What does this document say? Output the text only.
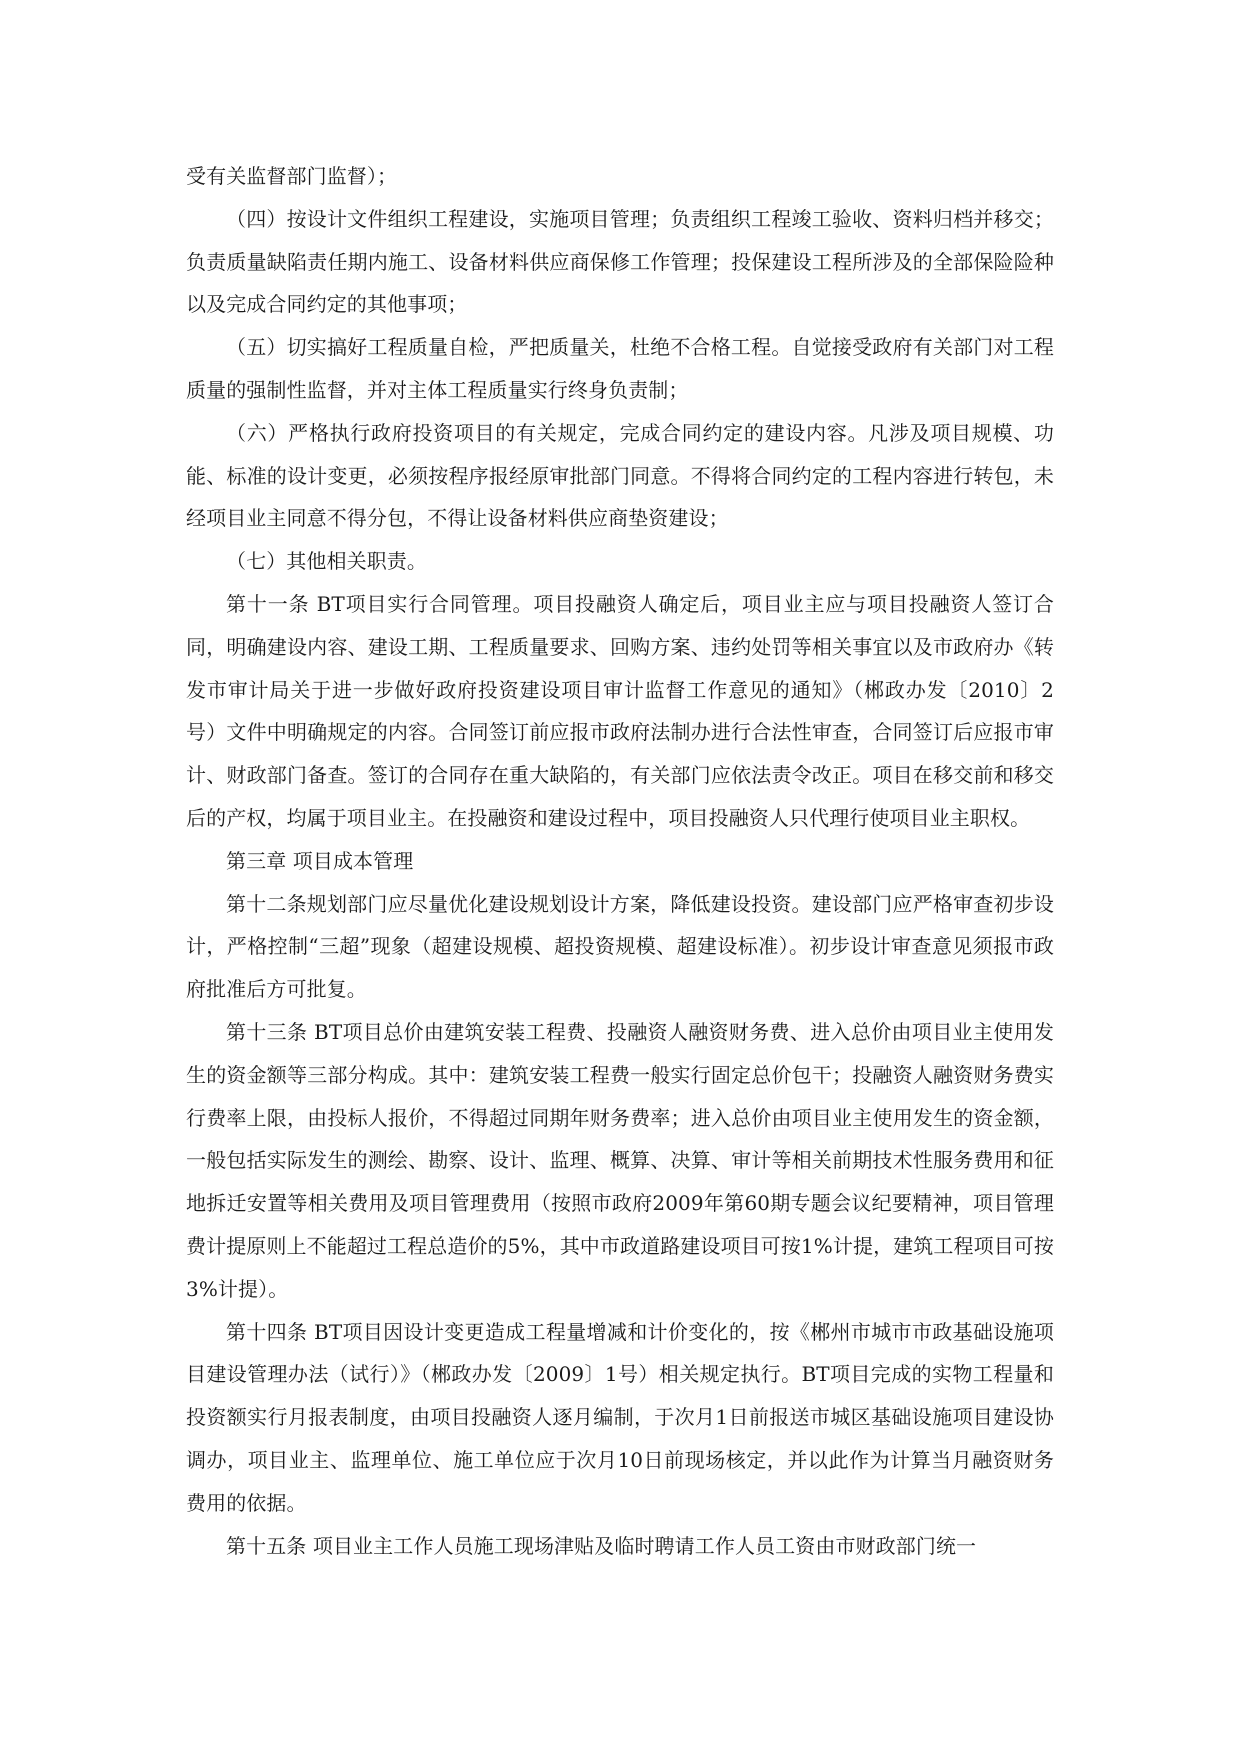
受有关监督部门监督）；

（四）按设计文件组织工程建设，实施项目管理；负责组织工程竣工验收、资料归档并移交；负责质量缺陷责任期内施工、设备材料供应商保修工作管理；投保建设工程所涉及的全部保险险种以及完成合同约定的其他事项；

（五）切实搞好工程质量自检，严把质量关，杜绝不合格工程。自觉接受政府有关部门对工程质量的强制性监督，并对主体工程质量实行终身负责制；

（六）严格执行政府投资项目的有关规定，完成合同约定的建设内容。凡涉及项目规模、功能、标准的设计变更，必须按程序报经原审批部门同意。不得将合同约定的工程内容进行转包，未经项目业主同意不得分包，不得让设备材料供应商垫资建设；

（七）其他相关职责。

第十一条 BT项目实行合同管理。项目投融资人确定后，项目业主应与项目投融资人签订合同，明确建设内容、建设工期、工程质量要求、回购方案、违约处罚等相关事宜以及市政府办《转发市审计局关于进一步做好政府投资建设项目审计监督工作意见的通知》（郴政办发〔2010〕2号）文件中明确规定的内容。合同签订前应报市政府法制办进行合法性审查，合同签订后应报市审计、财政部门备查。签订的合同存在重大缺陷的，有关部门应依法责令改正。项目在移交前和移交后的产权，均属于项目业主。在投融资和建设过程中，项目投融资人只代理行使项目业主职权。

第三章 项目成本管理

第十二条规划部门应尽量优化建设规划设计方案，降低建设投资。建设部门应严格审查初步设计，严格控制“三超”现象（超建设规模、超投资规模、超建设标准）。初步设计审查意见须报市政府批准后方可批复。

第十三条 BT项目总价由建筑安装工程费、投融资人融资财务费、进入总价由项目业主使用发生的资金额等三部分构成。其中：建筑安装工程费一般实行固定总价包干；投融资人融资财务费实行费率上限，由投标人报价，不得超过同期年财务费率；进入总价由项目业主使用发生的资金额，一般包括实际发生的测绘、勘察、设计、监理、概算、决算、审计等相关前期技术性服务费用和征地拆迁安置等相关费用及项目管理费用（按照市政府2009年第60期专题会议纪要精神，项目管理费计提原则上不能超过工程总造价的5%，其中市政道路建设项目可按1%计提，建筑工程项目可按3%计提）。

第十四条 BT项目因设计变更造成工程量增减和计价变化的，按《郴州市城市市政基础设施项目建设管理办法（试行）》（郴政办发〔2009〕1号）相关规定执行。BT项目完成的实物工程量和投资额实行月报表制度，由项目投融资人逐月编制，于次月1日前报送市城区基础设施项目建设协调办，项目业主、监理单位、施工单位应于次月10日前现场核定，并以此作为计算当月融资财务费用的依据。

第十五条 项目业主工作人员施工现场津贴及临时聘请工作人员工资由市财政部门统一
